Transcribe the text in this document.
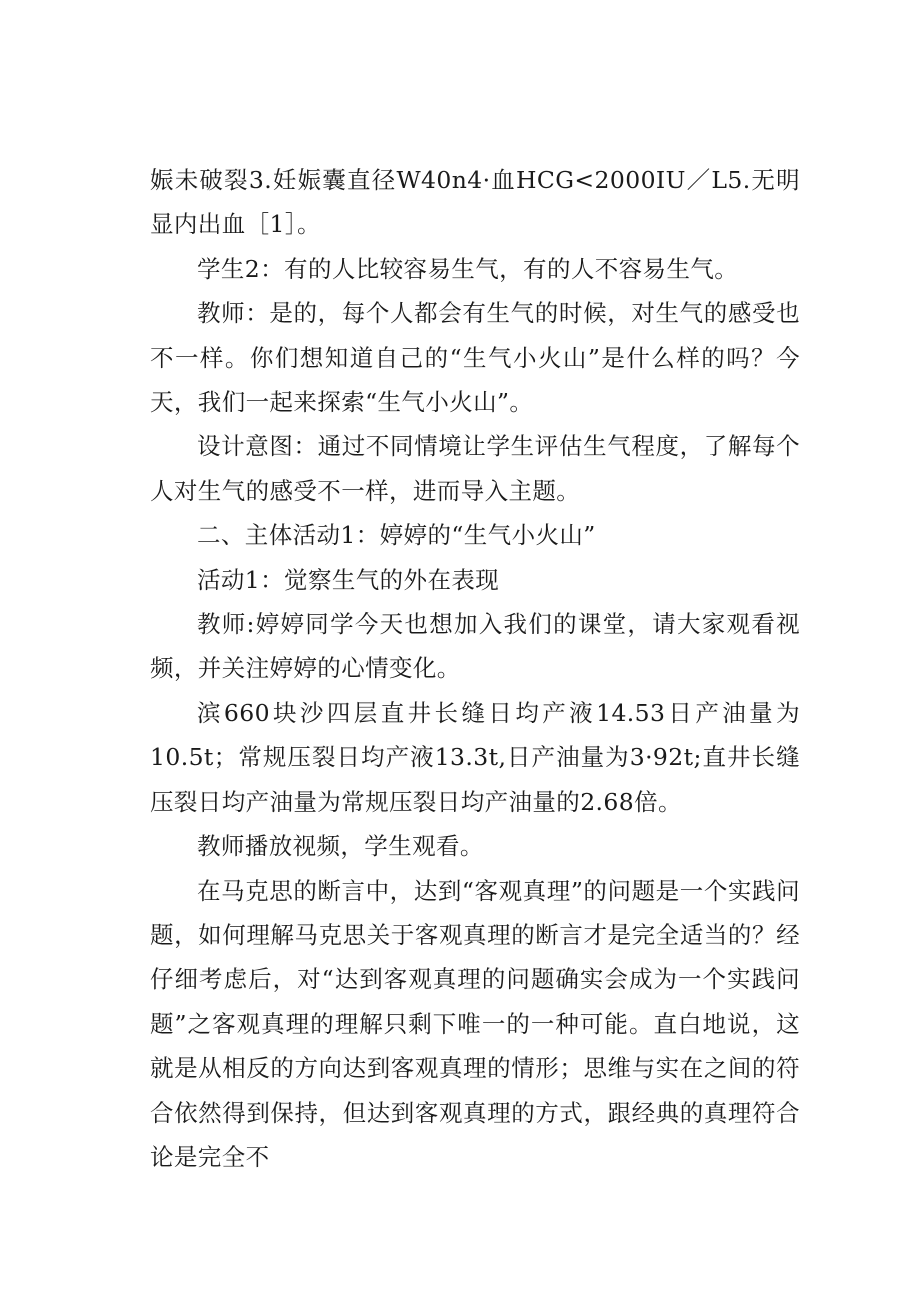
娠未破裂3.妊娠囊直径W40n4·血HCG<2000IU／L5.无明显内出血［1］。

学生2：有的人比较容易生气，有的人不容易生气。

教师：是的，每个人都会有生气的时候，对生气的感受也不一样。你们想知道自己的“生气小火山”是什么样的吗？今天，我们一起来探索“生气小火山”。

设计意图：通过不同情境让学生评估生气程度，了解每个人对生气的感受不一样，进而导入主题。

二、主体活动1：婷婷的“生气小火山”

活动1：觉察生气的外在表现

教师:婷婷同学今天也想加入我们的课堂，请大家观看视频，并关注婷婷的心情变化。

滨660块沙四层直井长缝日均产液14.53日产油量为10.5t；常规压裂日均产液13.3t,日产油量为3·92t;直井长缝压裂日均产油量为常规压裂日均产油量的2.68倍。

教师播放视频，学生观看。

在马克思的断言中，达到“客观真理”的问题是一个实践问题，如何理解马克思关于客观真理的断言才是完全适当的？经仔细考虑后，对“达到客观真理的问题确实会成为一个实践问题”之客观真理的理解只剩下唯一的一种可能。直白地说，这就是从相反的方向达到客观真理的情形；思维与实在之间的符合依然得到保持，但达到客观真理的方式，跟经典的真理符合论是完全不
